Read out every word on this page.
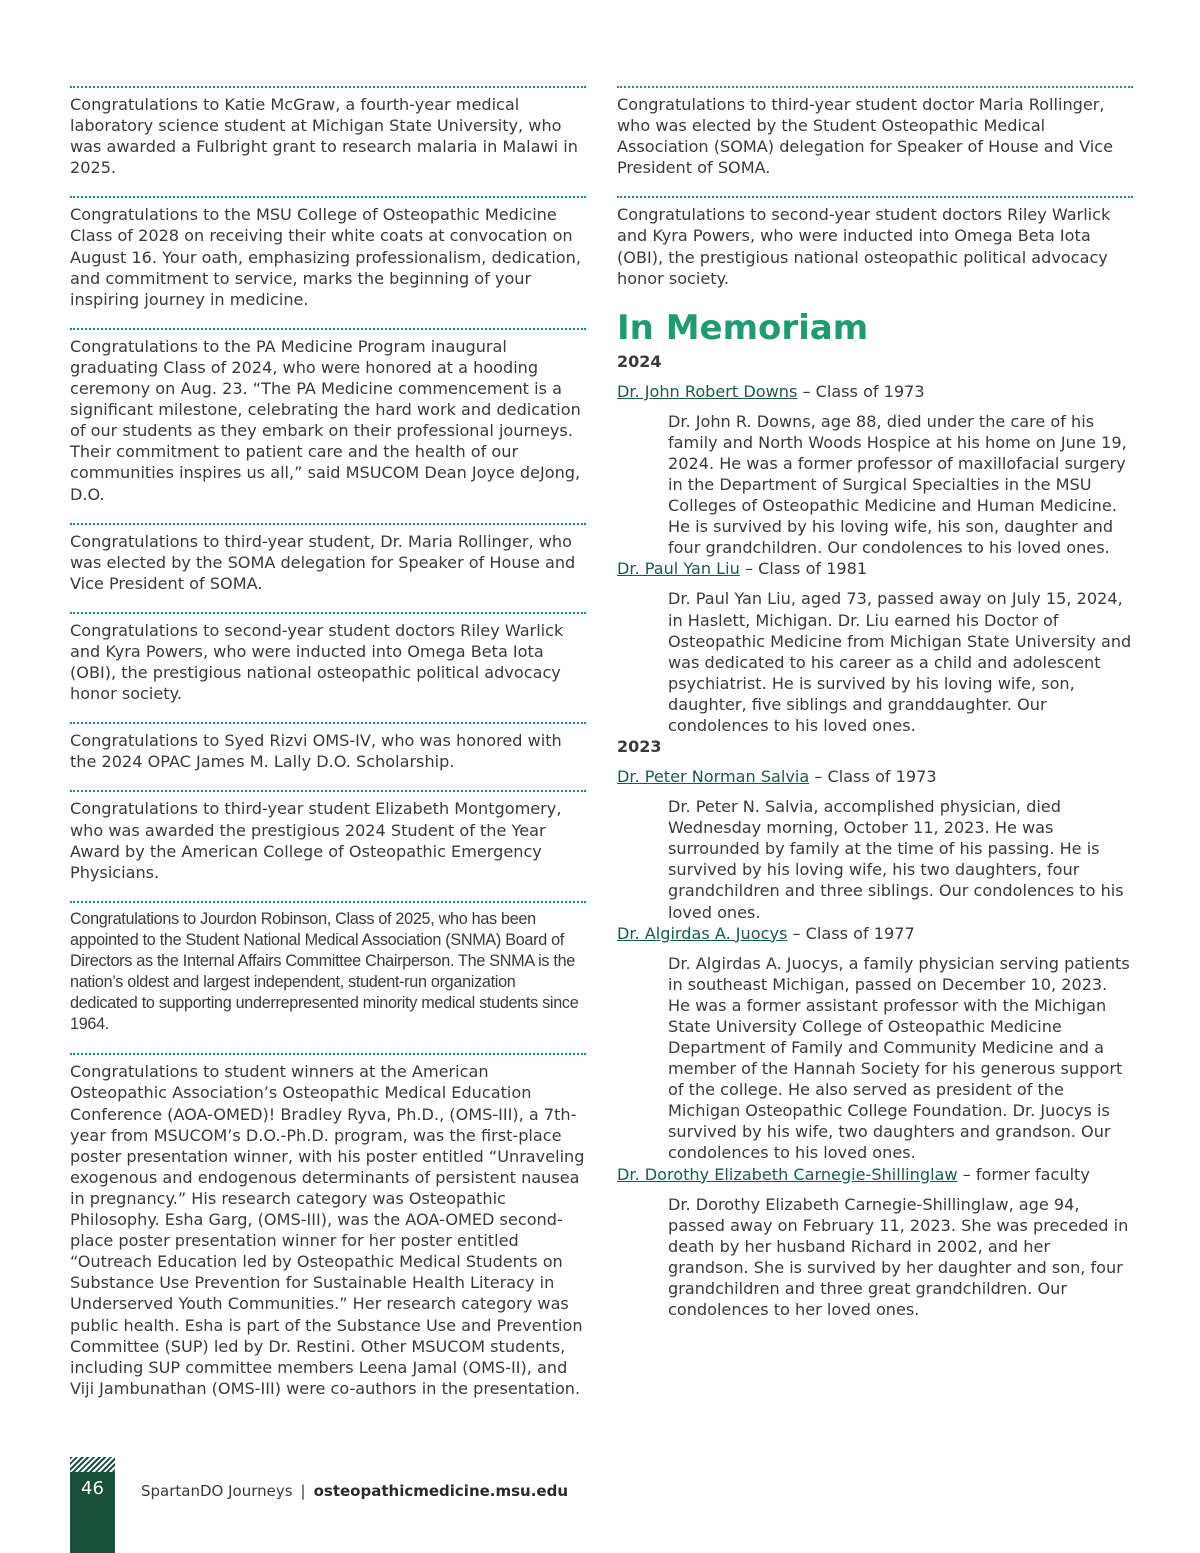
Congratulations to Katie McGraw, a fourth-year medical laboratory science student at Michigan State University, who was awarded a Fulbright grant to research malaria in Malawi in 2025.
Congratulations to the MSU College of Osteopathic Medicine Class of 2028 on receiving their white coats at convocation on August 16. Your oath, emphasizing professionalism, dedication, and commitment to service, marks the beginning of your inspiring journey in medicine.
Congratulations to the PA Medicine Program inaugural graduating Class of 2024, who were honored at a hooding ceremony on Aug. 23. “The PA Medicine commencement is a significant milestone, celebrating the hard work and dedication of our students as they embark on their professional journeys. Their commitment to patient care and the health of our communities inspires us all,” said MSUCOM Dean Joyce deJong, D.O.
Congratulations to third-year student, Dr. Maria Rollinger, who was elected by the SOMA delegation for Speaker of House and Vice President of SOMA.
Congratulations to second-year student doctors Riley Warlick and Kyra Powers, who were inducted into Omega Beta Iota (OBI), the prestigious national osteopathic political advocacy honor society.
Congratulations to Syed Rizvi OMS-IV, who was honored with the 2024 OPAC James M. Lally D.O. Scholarship.
Congratulations to third-year student Elizabeth Montgomery, who was awarded the prestigious 2024 Student of the Year Award by the American College of Osteopathic Emergency Physicians.
Congratulations to Jourdon Robinson, Class of 2025, who has been appointed to the Student National Medical Association (SNMA) Board of Directors as the Internal Affairs Committee Chairperson. The SNMA is the nation’s oldest and largest independent, student-run organization dedicated to supporting underrepresented minority medical students since 1964.
Congratulations to student winners at the American Osteopathic Association’s Osteopathic Medical Education Conference (AOA-OMED)! Bradley Ryva, Ph.D., (OMS-III), a 7th-year from MSUCOM’s D.O.-Ph.D. program, was the first-place poster presentation winner, with his poster entitled “Unraveling exogenous and endogenous determinants of persistent nausea in pregnancy.” His research category was Osteopathic Philosophy. Esha Garg, (OMS-III), was the AOA-OMED second-place poster presentation winner for her poster entitled “Outreach Education led by Osteopathic Medical Students on Substance Use Prevention for Sustainable Health Literacy in Underserved Youth Communities.” Her research category was public health. Esha is part of the Substance Use and Prevention Committee (SUP) led by Dr. Restini. Other MSUCOM students, including SUP committee members Leena Jamal (OMS-II), and Viji Jambunathan (OMS-III) were co-authors in the presentation.
Congratulations to third-year student doctor Maria Rollinger, who was elected by the Student Osteopathic Medical Association (SOMA) delegation for Speaker of House and Vice President of SOMA.
Congratulations to second-year student doctors Riley Warlick and Kyra Powers, who were inducted into Omega Beta Iota (OBI), the prestigious national osteopathic political advocacy honor society.
In Memoriam
2024
Dr. John Robert Downs – Class of 1973
Dr. John R. Downs, age 88, died under the care of his family and North Woods Hospice at his home on June 19, 2024. He was a former professor of maxillofacial surgery in the Department of Surgical Specialties in the MSU Colleges of Osteopathic Medicine and Human Medicine. He is survived by his loving wife, his son, daughter and four grandchildren. Our condolences to his loved ones.
Dr. Paul Yan Liu – Class of 1981
Dr. Paul Yan Liu, aged 73, passed away on July 15, 2024, in Haslett, Michigan. Dr. Liu earned his Doctor of Osteopathic Medicine from Michigan State University and was dedicated to his career as a child and adolescent psychiatrist. He is survived by his loving wife, son, daughter, five siblings and granddaughter. Our condolences to his loved ones.
2023
Dr. Peter Norman Salvia – Class of 1973
Dr. Peter N. Salvia, accomplished physician, died Wednesday morning, October 11, 2023. He was surrounded by family at the time of his passing. He is survived by his loving wife, his two daughters, four grandchildren and three siblings. Our condolences to his loved ones.
Dr. Algirdas A. Juocys – Class of 1977
Dr. Algirdas A. Juocys, a family physician serving patients in southeast Michigan, passed on December 10, 2023. He was a former assistant professor with the Michigan State University College of Osteopathic Medicine Department of Family and Community Medicine and a member of the Hannah Society for his generous support of the college. He also served as president of the Michigan Osteopathic College Foundation. Dr. Juocys is survived by his wife, two daughters and grandson. Our condolences to his loved ones.
Dr. Dorothy Elizabeth Carnegie-Shillinglaw – former faculty
Dr. Dorothy Elizabeth Carnegie-Shillinglaw, age 94, passed away on February 11, 2023. She was preceded in death by her husband Richard in 2002, and her grandson. She is survived by her daughter and son, four grandchildren and three great grandchildren. Our condolences to her loved ones.
46	SpartanDO Journeys | osteopathicmedicine.msu.edu
